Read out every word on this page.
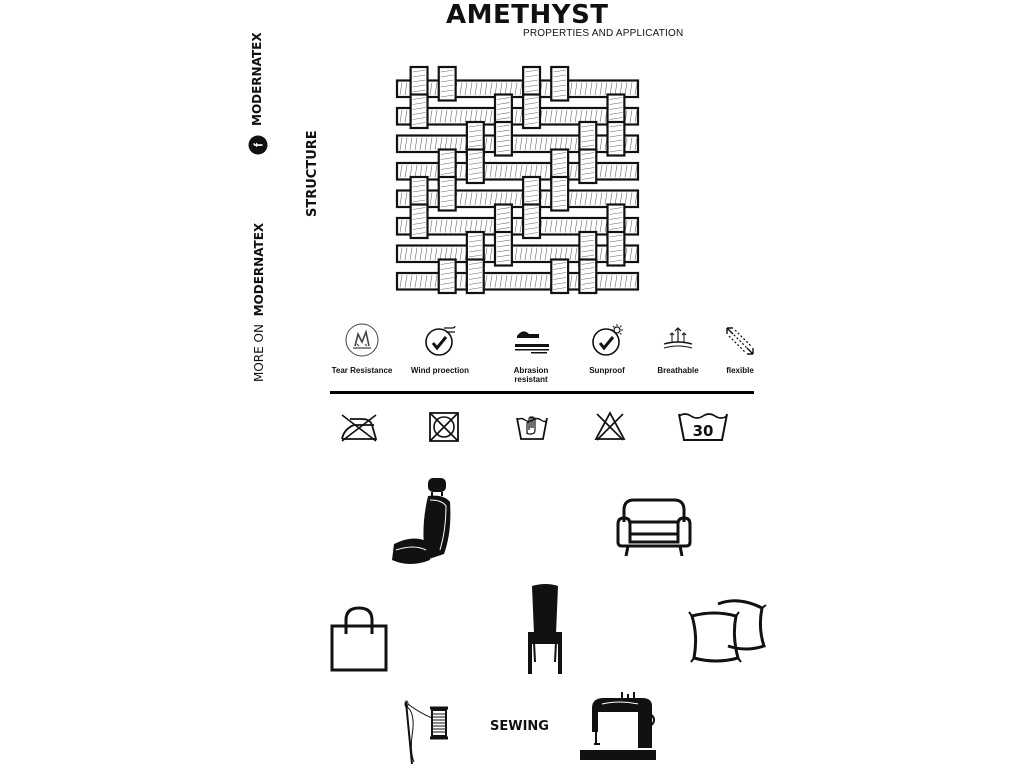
AMETHYST
PROPERTIES AND APPLICATION
MODERNATEX
f	STRUCTURE
MORE ON  MODERNATEX
Tear Resistance	Wind proection	Abrasion resistant
Sunproof	Breathable	flexible
30
SEWING
